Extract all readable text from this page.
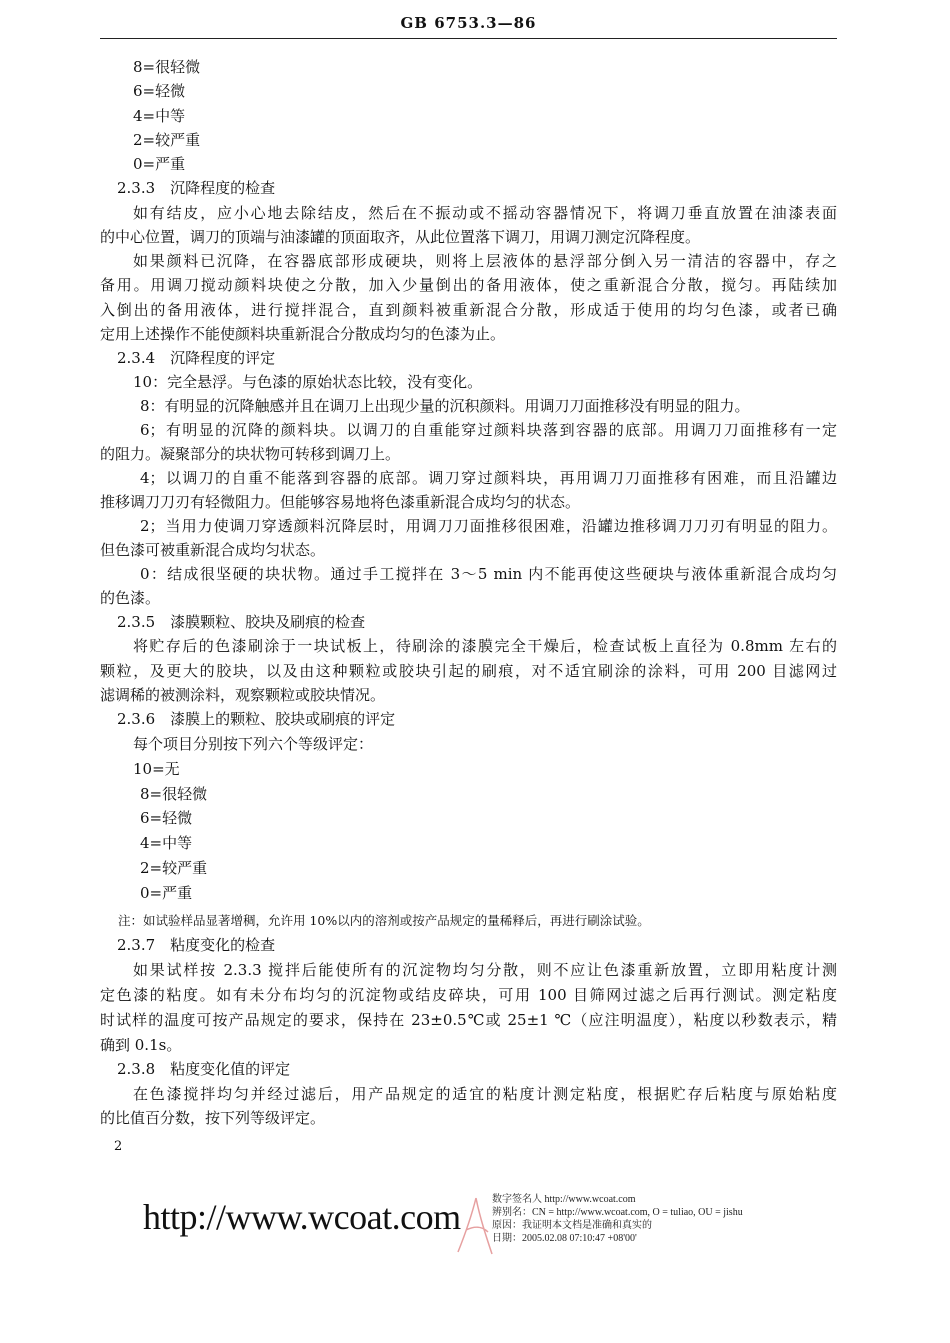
GB 6753.3—86
8=很轻微
6=轻微
4=中等
2=较严重
0=严重
2.3.3　沉降程度的检查
如有结皮，应小心地去除结皮，然后在不振动或不摇动容器情况下，将调刀垂直放置在油漆表面
的中心位置，调刀的顶端与油漆罐的顶面取齐，从此位置落下调刀，用调刀测定沉降程度。
如果颜料已沉降，在容器底部形成硬块，则将上层液体的悬浮部分倒入另一清洁的容器中，存之
备用。用调刀搅动颜料块使之分散，加入少量倒出的备用液体，使之重新混合分散，搅匀。再陆续加
入倒出的备用液体，进行搅拌混合，直到颜料被重新混合分散，形成适于使用的均匀色漆，或者已确
定用上述操作不能使颜料块重新混合分散成均匀的色漆为止。
2.3.4　沉降程度的评定
10：完全悬浮。与色漆的原始状态比较，没有变化。
8：有明显的沉降触感并且在调刀上出现少量的沉积颜料。用调刀刀面推移没有明显的阻力。
6；有明显的沉降的颜料块。以调刀的自重能穿过颜料块落到容器的底部。用调刀刀面推移有一定
的阻力。凝聚部分的块状物可转移到调刀上。
4；以调刀的自重不能落到容器的底部。调刀穿过颜料块，再用调刀刀面推移有困难，而且沿罐边
推移调刀刀刃有轻微阻力。但能够容易地将色漆重新混合成均匀的状态。
2；当用力使调刀穿透颜料沉降层时，用调刀刀面推移很困难，沿罐边推移调刀刀刃有明显的阻力。
但色漆可被重新混合成均匀状态。
0：结成很坚硬的块状物。通过手工搅拌在 3～5 min 内不能再使这些硬块与液体重新混合成均匀
的色漆。
2.3.5　漆膜颗粒、胶块及刷痕的检查
将贮存后的色漆刷涂于一块试板上，待刷涂的漆膜完全干燥后，检查试板上直径为 0.8mm 左右的
颗粒，及更大的胶块，以及由这种颗粒或胶块引起的刷痕，对不适宜刷涂的涂料，可用 200 目滤网过
滤调稀的被测涂料，观察颗粒或胶块情况。
2.3.6　漆膜上的颗粒、胶块或刷痕的评定
每个项目分别按下列六个等级评定：
10=无
8=很轻微
6=轻微
4=中等
2=较严重
0=严重
注：如试验样品显著增稠，允许用 10%以内的溶剂或按产品规定的量稀释后，再进行刷涂试验。
2.3.7　粘度变化的检查
如果试样按 2.3.3 搅拌后能使所有的沉淀物均匀分散，则不应让色漆重新放置，立即用粘度计测
定色漆的粘度。如有未分布均匀的沉淀物或结皮碎块，可用 100 目筛网过滤之后再行测试。测定粘度
时试样的温度可按产品规定的要求，保持在 23±0.5℃或 25±1 ℃（应注明温度），粘度以秒数表示，精
确到 0.1s。
2.3.8　粘度变化值的评定
在色漆搅拌均匀并经过滤后，用产品规定的适宜的粘度计测定粘度，根据贮存后粘度与原始粘度
的比值百分数，按下列等级评定。
2
http://www.wcoat.com	数字签名人 http://www.wcoat.com
辨别名：CN = http://www.wcoat.com, O = tuliao, OU = jishu
原因：我证明本文档是准确和真实的
日期：2005.02.08 07:10:47 +08'00'
